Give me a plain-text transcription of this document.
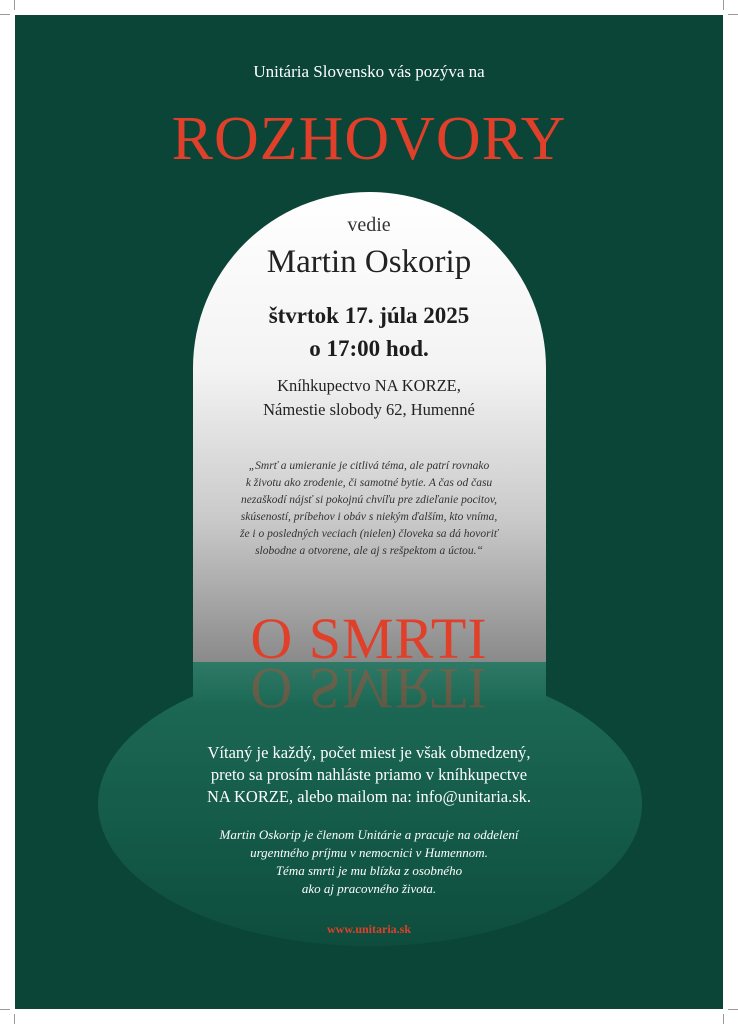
Unitária Slovensko vás pozýva na

ROZHOVORY

vedie

Martin Oskorip

štvrtok 17. júla 2025

o 17:00 hod.

Kníhkupectvo NA KORZE,

Námestie slobody 62, Humenné

„Smrť a umieranie je citlivá téma, ale patrí rovnako
k životu ako zrodenie, či samotné bytie. A čas od času
nezaškodí nájsť si pokojnú chvíľu pre zdieľanie pocitov,
skúseností, príbehov i obáv s niekým ďalším, kto vníma,
že i o posledných veciach (nielen) človeka sa dá hovoriť
slobodne a otvorene, ale aj s rešpektom a úctou.“

O SMRTI

O SMRTI

Vítaný je každý, počet miest je však obmedzený,
preto sa prosím nahláste priamo v kníhkupectve
NA KORZE, alebo mailom na: info@unitaria.sk.
Martin Oskorip je členom Unitárie a pracuje na oddelení
urgentného príjmu v nemocnici v Humennom.
Téma smrti je mu blízka z osobného
ako aj pracovného života.

www.unitaria.sk
